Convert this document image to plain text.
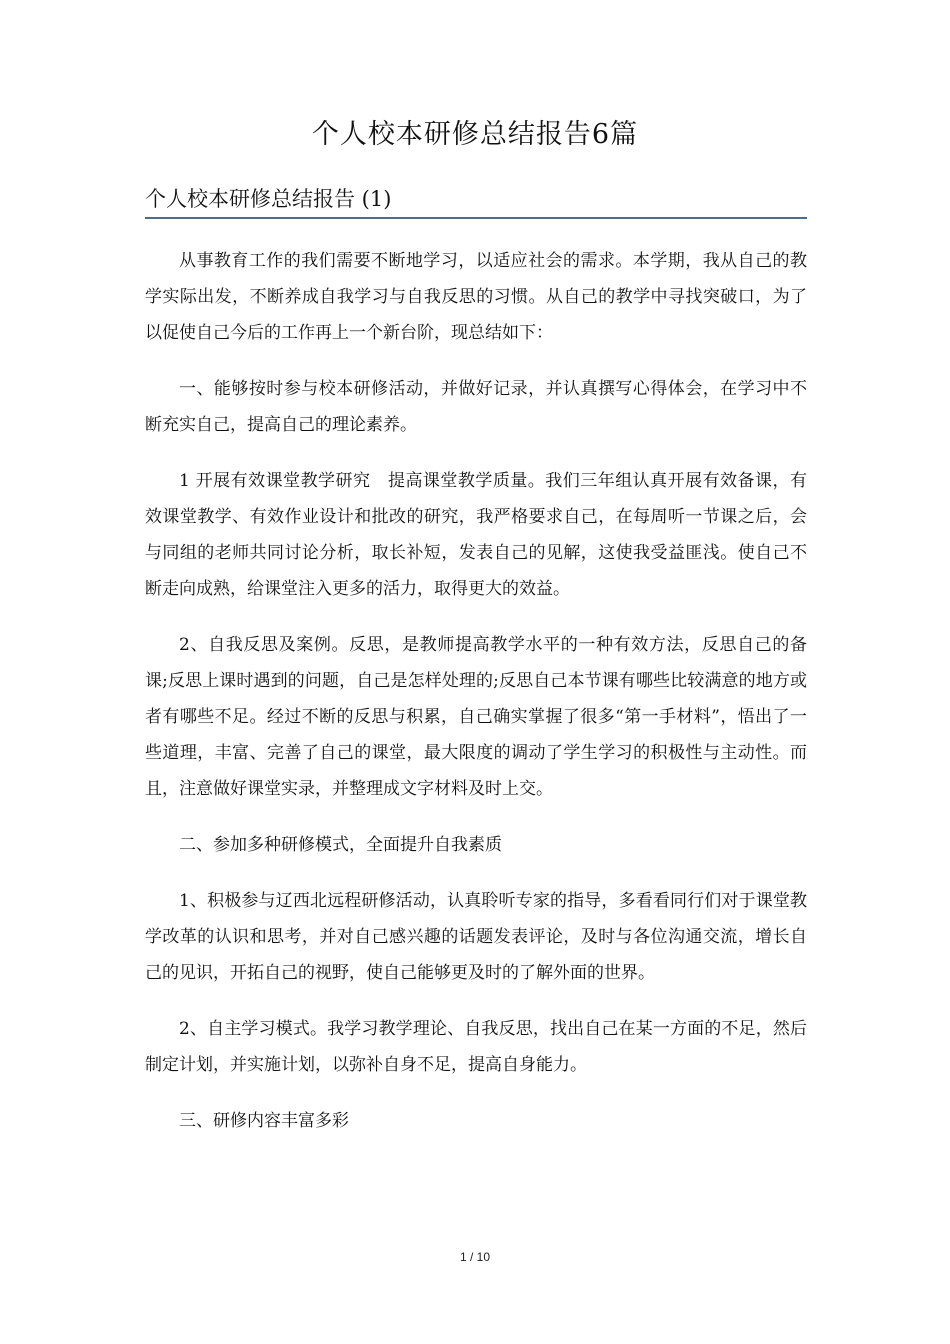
个人校本研修总结报告6篇
个人校本研修总结报告 (1)

从事教育工作的我们需要不断地学习，以适应社会的需求。本学期，我从自己的教学实际出发，不断养成自我学习与自我反思的习惯。从自己的教学中寻找突破口，为了以促使自己今后的工作再上一个新台阶，现总结如下：

一、能够按时参与校本研修活动，并做好记录，并认真撰写心得体会，在学习中不断充实自己，提高自己的理论素养。

1 开展有效课堂教学研究　提高课堂教学质量。我们三年组认真开展有效备课，有效课堂教学、有效作业设计和批改的研究，我严格要求自己，在每周听一节课之后，会与同组的老师共同讨论分析，取长补短，发表自己的见解，这使我受益匪浅。使自己不断走向成熟，给课堂注入更多的活力，取得更大的效益。

2、自我反思及案例。反思，是教师提高教学水平的一种有效方法，反思自己的备课;反思上课时遇到的问题，自己是怎样处理的;反思自己本节课有哪些比较满意的地方或者有哪些不足。经过不断的反思与积累，自己确实掌握了很多“第一手材料”，悟出了一些道理，丰富、完善了自己的课堂，最大限度的调动了学生学习的积极性与主动性。而且，注意做好课堂实录，并整理成文字材料及时上交。

二、参加多种研修模式，全面提升自我素质

1、积极参与辽西北远程研修活动，认真聆听专家的指导，多看看同行们对于课堂教学改革的认识和思考，并对自己感兴趣的话题发表评论，及时与各位沟通交流，增长自己的见识，开拓自己的视野，使自己能够更及时的了解外面的世界。

2、自主学习模式。我学习教学理论、自我反思，找出自己在某一方面的不足，然后制定计划，并实施计划，以弥补自身不足，提高自身能力。

三、研修内容丰富多彩

1 / 10
